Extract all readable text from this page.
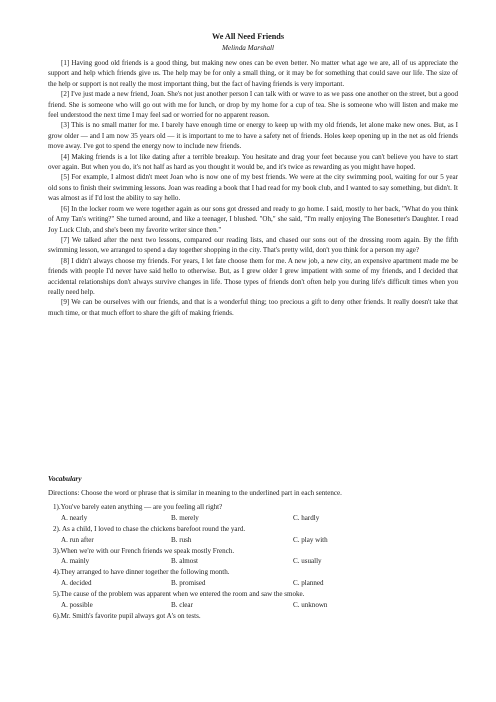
We All Need Friends
Melinda Marshall

[1] Having good old friends is a good thing, but making new ones can be even better. No matter what age we are, all of us appreciate the support and help which friends give us. The help may be for only a small thing, or it may be for something that could save our life. The size of the help or support is not really the most important thing, but the fact of having friends is very important.

[2] I've just made a new friend, Joan. She's not just another person I can talk with or wave to as we pass one another on the street, but a good friend. She is someone who will go out with me for lunch, or drop by my home for a cup of tea. She is someone who will listen and make me feel understood the next time I may feel sad or worried for no apparent reason.

[3] This is no small matter for me. I barely have enough time or energy to keep up with my old friends, let alone make new ones. But, as I grow older — and I am now 35 years old — it is important to me to have a safety net of friends. Holes keep opening up in the net as old friends move away. I've got to spend the energy now to include new friends.

[4] Making friends is a lot like dating after a terrible breakup. You hesitate and drag your feet because you can't believe you have to start over again. But when you do, it's not half as hard as you thought it would be, and it's twice as rewarding as you might have hoped.

[5] For example, I almost didn't meet Joan who is now one of my best friends. We were at the city swimming pool, waiting for our 5 year old sons to finish their swimming lessons. Joan was reading a book that I had read for my book club, and I wanted to say something, but didn't. It was almost as if I'd lost the ability to say hello.

[6] In the locker room we were together again as our sons got dressed and ready to go home. I said, mostly to her back, "What do you think of Amy Tan's writing?" She turned around, and like a teenager, I blushed. "Oh," she said, "I'm really enjoying The Bonesetter's Daughter. I read Joy Luck Club, and she's been my favorite writer since then."

[7] We talked after the next two lessons, compared our reading lists, and chased our sons out of the dressing room again. By the fifth swimming lesson, we arranged to spend a day together shopping in the city. That's pretty wild, don't you think for a person my age?

[8] I didn't always choose my friends. For years, I let fate choose them for me. A new job, a new city, an expensive apartment made me be friends with people I'd never have said hello to otherwise. But, as I grew older I grew impatient with some of my friends, and I decided that accidental relationships don't always survive changes in life. Those types of friends don't often help you during life's difficult times when you really need help.

[9] We can be ourselves with our friends, and that is a wonderful thing; too precious a gift to deny other friends. It really doesn't take that much time, or that much effort to share the gift of making friends.

Vocabulary
Directions: Choose the word or phrase that is similar in meaning to the underlined part in each sentence.
1).You've barely eaten anything — are you feeling all right?
A. nearly	B. merely	C. hardly
2). As a child, I loved to chase the chickens barefoot round the yard.
A. run after	B. rush	C. play with
3).When we're with our French friends we speak mostly French.
A. mainly	B. almost	C. usually
4).They arranged to have dinner together the following month.
A. decided	B. promised	C. planned
5).The cause of the problem was apparent when we entered the room and saw the smoke.
A. possible	B. clear	C. unknown
6).Mr. Smith's favorite pupil always got A's on tests.
